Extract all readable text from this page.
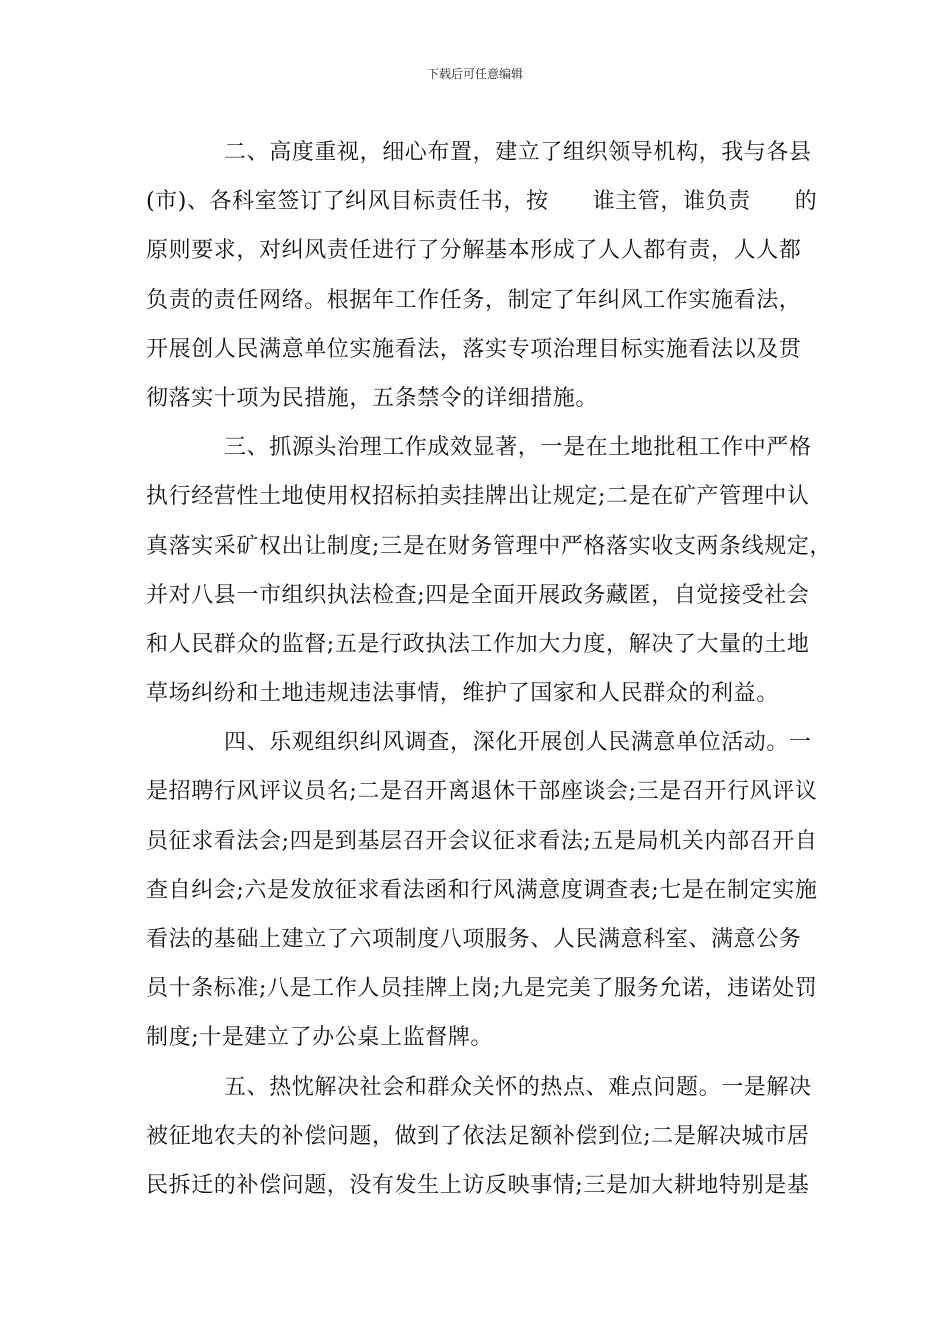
下载后可任意编辑

二、高度重视，细心布置，建立了组织领导机构，我与各县
(市)、各科室签订了纠风目标责任书，按 谁主管，谁负责 的
原则要求，对纠风责任进行了分解基本形成了人人都有责，人人都
负责的责任网络。根据年工作任务，制定了年纠风工作实施看法，
开展创人民满意单位实施看法，落实专项治理目标实施看法以及贯
彻落实十项为民措施，五条禁令的详细措施。

三、抓源头治理工作成效显著，一是在土地批租工作中严格
执行经营性土地使用权招标拍卖挂牌出让规定;二是在矿产管理中认
真落实采矿权出让制度;三是在财务管理中严格落实收支两条线规定，
并对八县一市组织执法检查;四是全面开展政务藏匿，自觉接受社会
和人民群众的监督;五是行政执法工作加大力度，解决了大量的土地
草场纠纷和土地违规违法事情，维护了国家和人民群众的利益。

四、乐观组织纠风调查，深化开展创人民满意单位活动。一
是招聘行风评议员名;二是召开离退休干部座谈会;三是召开行风评议
员征求看法会;四是到基层召开会议征求看法;五是局机关内部召开自
查自纠会;六是发放征求看法函和行风满意度调查表;七是在制定实施
看法的基础上建立了六项制度八项服务、人民满意科室、满意公务
员十条标准;八是工作人员挂牌上岗;九是完美了服务允诺，违诺处罚
制度;十是建立了办公桌上监督牌。

五、热忱解决社会和群众关怀的热点、难点问题。一是解决
被征地农夫的补偿问题，做到了依法足额补偿到位;二是解决城市居
民拆迁的补偿问题，没有发生上访反映事情;三是加大耕地特别是基
